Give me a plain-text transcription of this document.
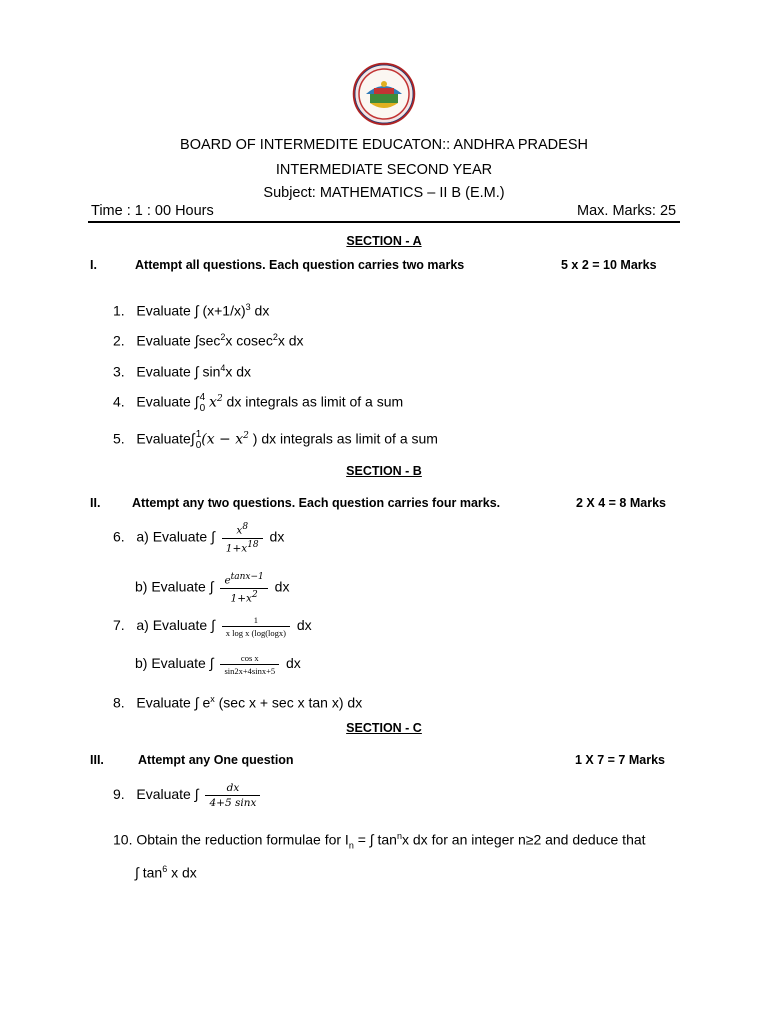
BOARD OF INTERMEDITE EDUCATON:: ANDHRA PRADESH
INTERMEDIATE SECOND YEAR
Subject: MATHEMATICS – II B (E.M.)
Time : 1 : 00 Hours	Max. Marks: 25
SECTION - A
I.	Attempt all questions. Each question carries two marks	5 x 2 = 10 Marks
1. Evaluate ∫ $(x+1/x)^3$ dx
2. Evaluate $\int\sec^2x$ cosec$^2$x dx
3. Evaluate ∫ $\sin^4x$ dx
4. Evaluate ∫4
0 $x^2$ dx integrals as limit of a sum
5. Evaluate∫1
$0(x - x^2$ ) dx integrals as limit of a sum
SECTION - B
II.	Attempt any two questions. Each question carries four marks.	2 X 4 = 8 Marks
6. a) Evaluate ∫ $\frac{x^8}{1+x^{18}}$ dx
b) Evaluate ∫ $\frac{e^{tanx-1}}{1+x^2}$ dx
7. a) Evaluate ∫ $\frac{1}{\text{x log x (log(logx)}}$ dx
b) Evaluate ∫ $\frac{\text{cos x}}{\sin 2x+4\sin x+5}$ dx
8. Evaluate ∫ $e^x$ (sec x + sec x tan x) dx
SECTION - C
III.	Attempt any One question	1 X 7 = 7 Marks
9. Evaluate ∫ $\frac{dx}{4+5 \sin x}$
10. Obtain the reduction formulae for $I_n$ = ∫ $\tan^nx$ dx for an integer n≥2 and deduce that
∫ $\tan^6 x$ dx
